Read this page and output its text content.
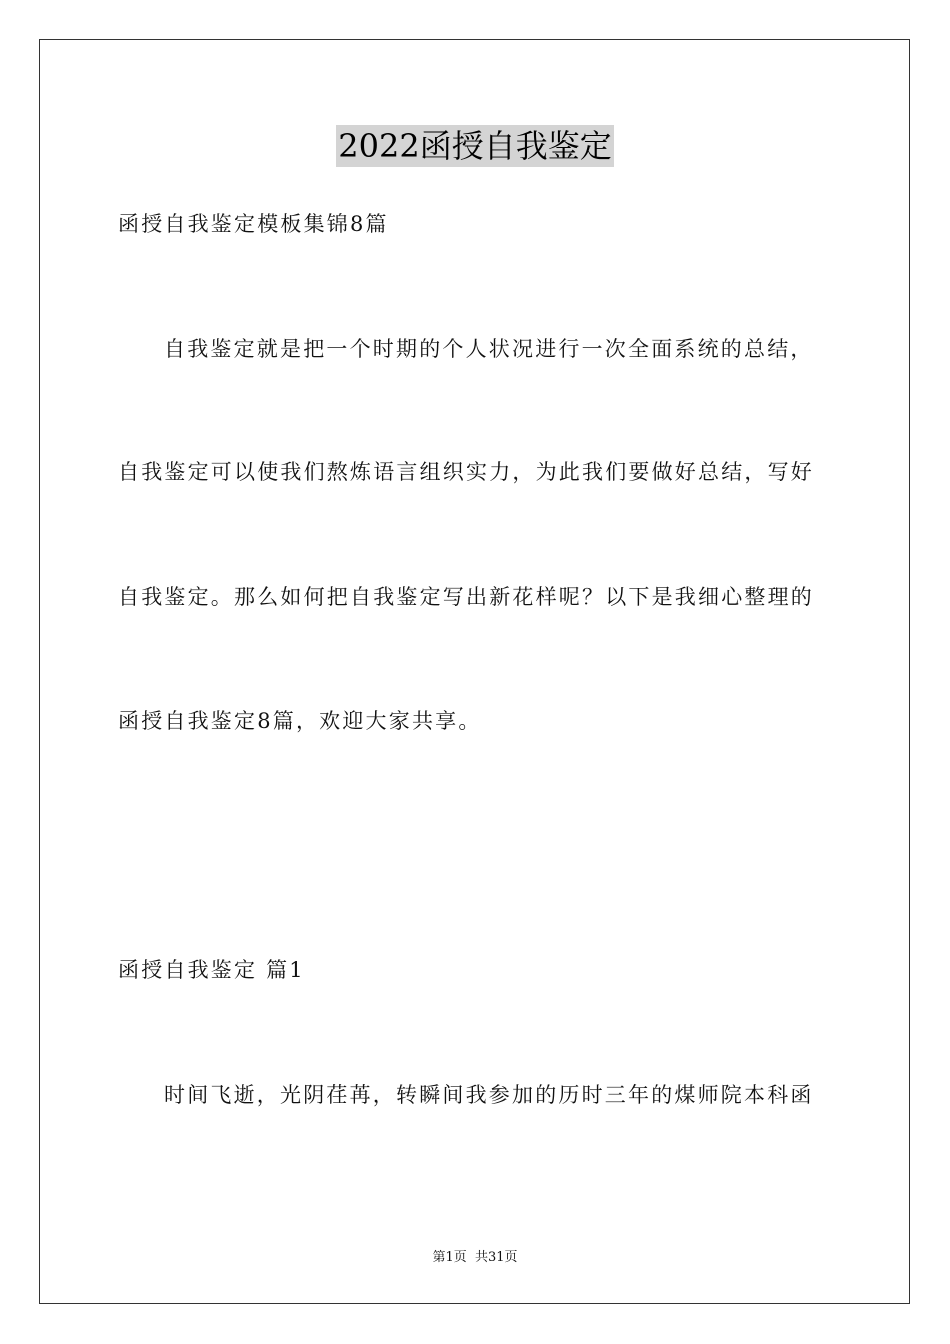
2022函授自我鉴定
函授自我鉴定模板集锦8篇
自我鉴定就是把一个时期的个人状况进行一次全面系统的总结，
自我鉴定可以使我们熬炼语言组织实力，为此我们要做好总结，写好
自我鉴定。那么如何把自我鉴定写出新花样呢？以下是我细心整理的
函授自我鉴定8篇，欢迎大家共享。
函授自我鉴定 篇1
时间飞逝，光阴荏苒，转瞬间我参加的历时三年的煤师院本科函
第1页 共31页
